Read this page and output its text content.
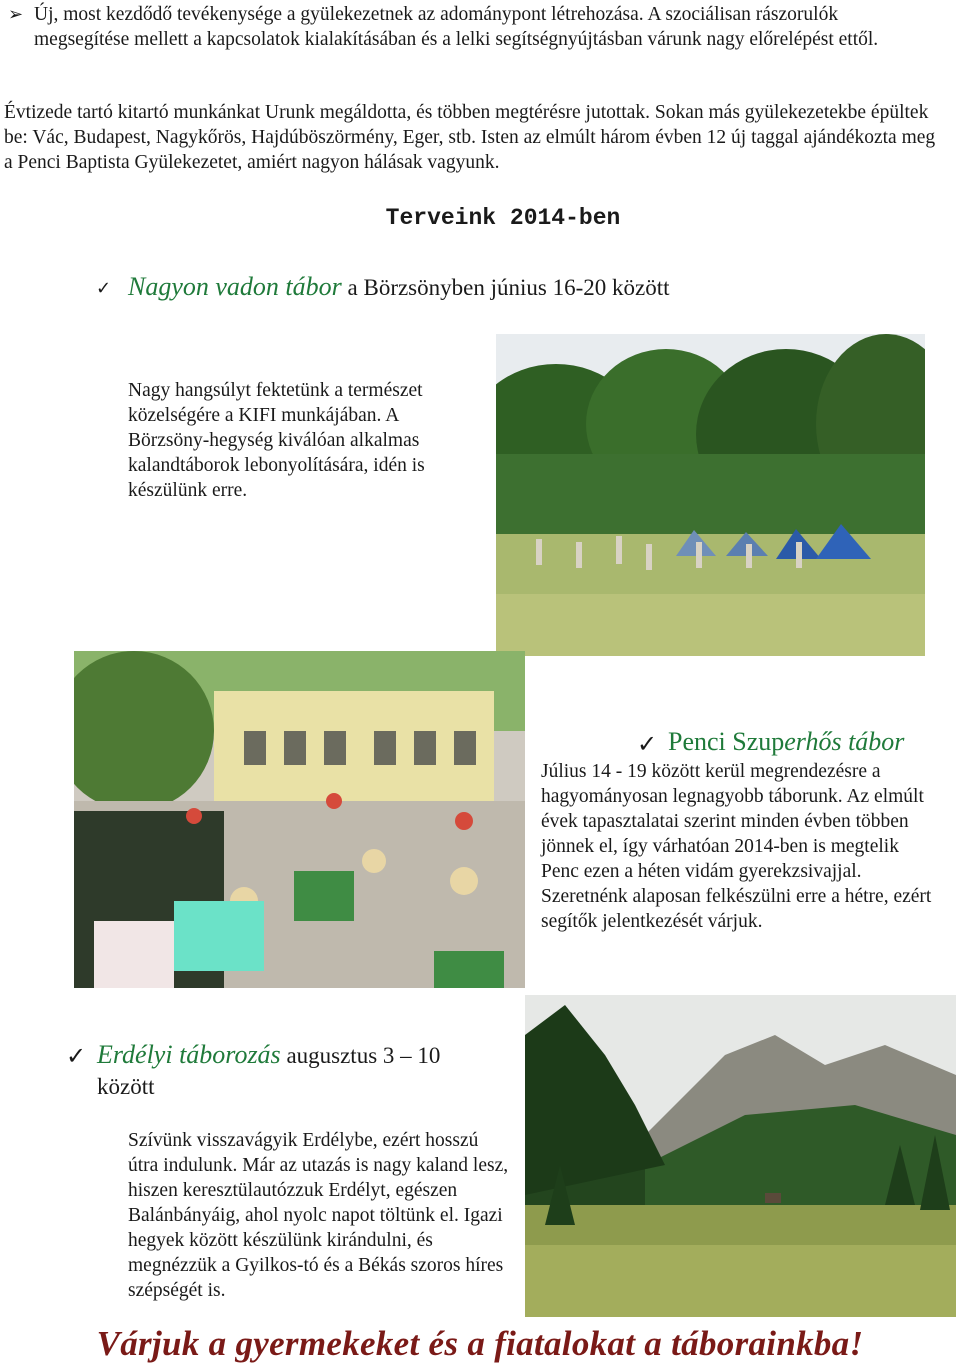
➢ Új, most kezdődő tevékenysége a gyülekezetnek az adománypont létrehozása. A szociálisan rászorulók megsegítése mellett a kapcsolatok kialakításában és a lelki segítségnyújtásban várunk nagy előrelépést ettől.
Évtizede tartó kitartó munkánkat Urunk megáldotta, és többen megtérésre jutottak. Sokan más gyülekezetekbe épültek be: Vác, Budapest, Nagykőrös, Hajdúböszörmény, Eger, stb. Isten az elmúlt három évben 12 új taggal ajándékozta meg a Penci Baptista Gyülekezetet, amiért nagyon hálásak vagyunk.
Terveink 2014-ben
✓ Nagyon vadon tábor a Börzsönyben június 16-20 között
Nagy hangsúlyt fektetünk a természet közelségére a KIFI munkájában. A Börzsöny-hegység kiválóan alkalmas kalandtáborok lebonyolítására, idén is készülünk erre.
✓ Penci Szuperhős tábor
Július 14 - 19 között kerül megrendezésre a hagyományosan legnagyobb táborunk. Az elmúlt évek tapasztalatai szerint minden évben többen jönnek el, így várhatóan 2014-ben is megtelik Penc ezen a héten vidám gyerekzsivajjal.
Szeretnénk alaposan felkészülni erre a hétre, ezért segítők jelentkezését várjuk.
✓ Erdélyi táborozás augusztus 3 – 10 között
Szívünk visszavágyik Erdélybe, ezért hosszú útra indulunk. Már az utazás is nagy kaland lesz, hiszen keresztülautózzuk Erdélyt, egészen Balánbányáig, ahol nyolc napot töltünk el. Igazi hegyek között készülünk kirándulni, és megnézzük a Gyilkos-tó és a Békás szoros híres szépségét is.
Várjuk a gyermekeket és a fiatalokat a táborainkba!
